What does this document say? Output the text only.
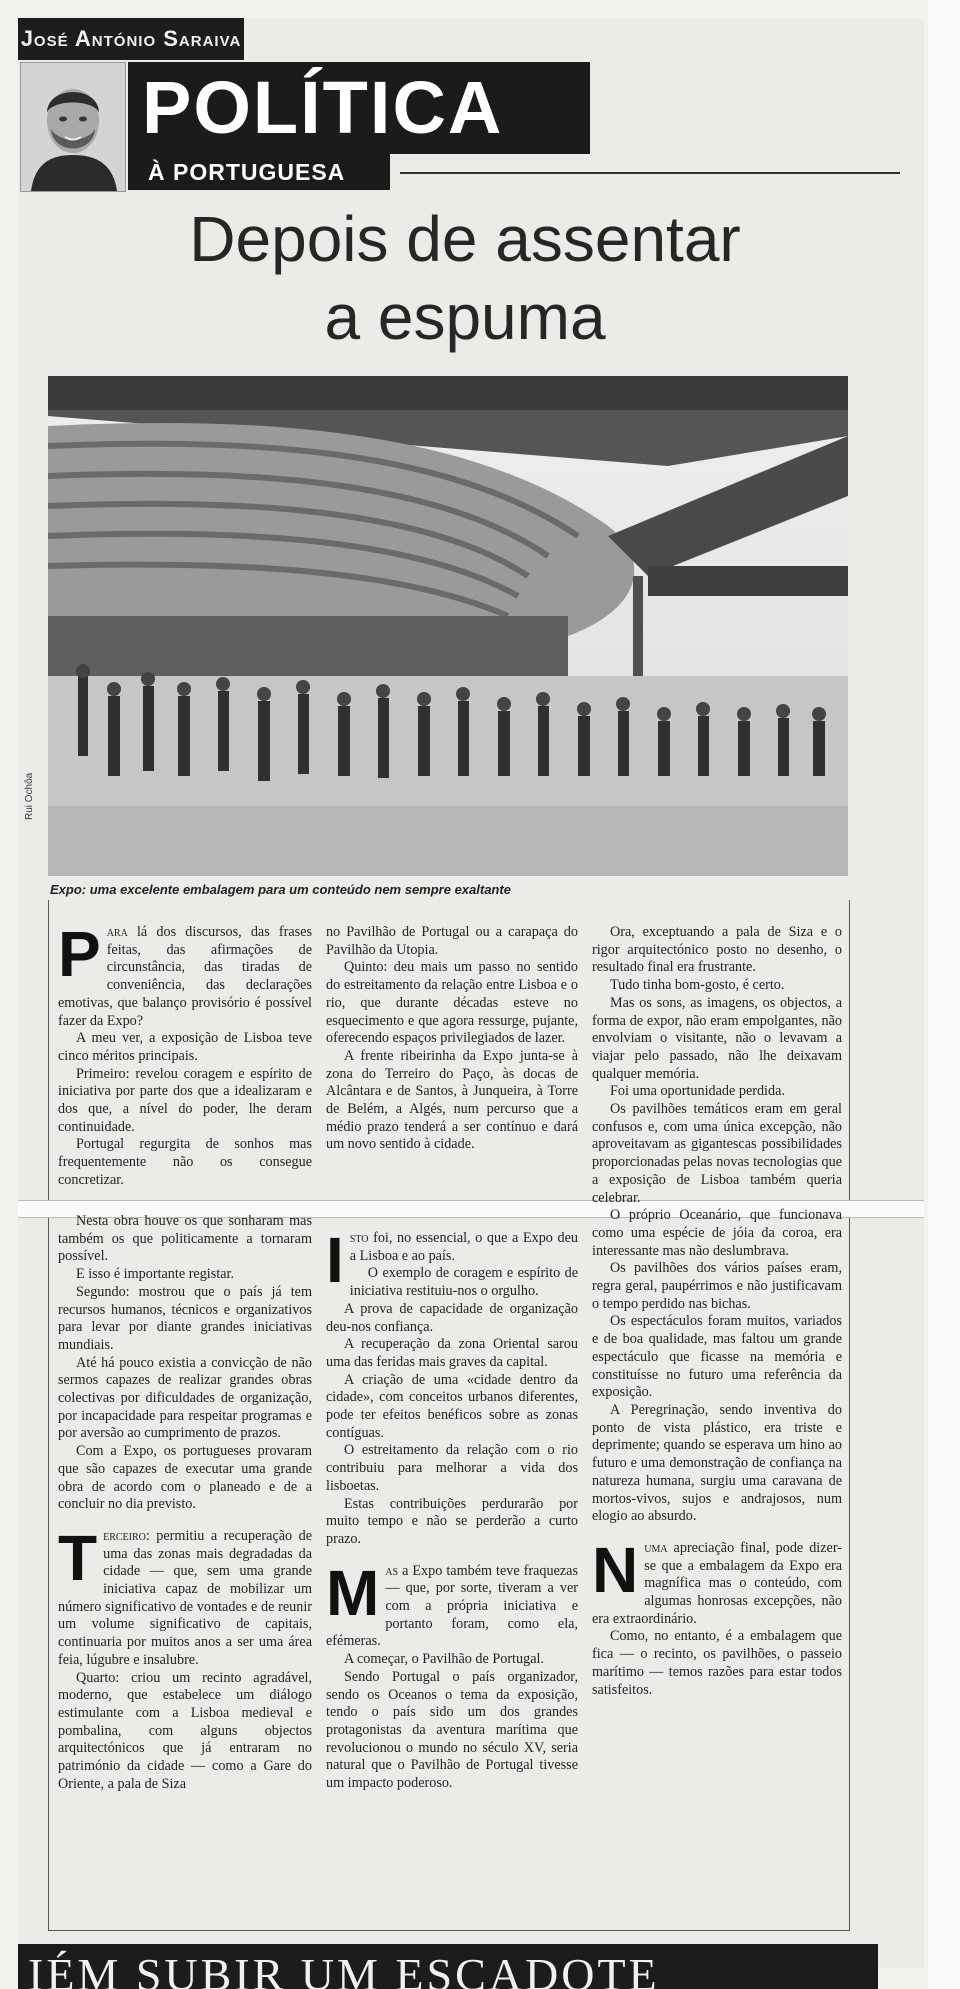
José António Saraiva
POLÍTICA
À PORTUGUESA
Depois de assentar
a espuma
Rui Ochôa
Expo: uma excelente embalagem para um conteúdo nem sempre exaltante

Para lá dos discursos, das frases feitas, das afirmações de circunstância, das tiradas de conveniência, das declarações emotivas, que balanço provisório é possível fazer da Expo?

A meu ver, a exposição de Lisboa teve cinco méritos principais.

Primeiro: revelou coragem e espírito de iniciativa por parte dos que a idealizaram e dos que, a nível do poder, lhe deram continuidade.

Portugal regurgita de sonhos mas frequentemente não os consegue concretizar.

no Pavilhão de Portugal ou a carapaça do Pavilhão da Utopia.

Quinto: deu mais um passo no sentido do estreitamento da relação entre Lisboa e o rio, que durante décadas esteve no esquecimento e que agora ressurge, pujante, oferecendo espaços privilegiados de lazer.

A frente ribeirinha da Expo junta-se à zona do Terreiro do Paço, às docas de Alcântara e de Santos, à Junqueira, à Torre de Belém, a Algés, num percurso que a médio prazo tenderá a ser contínuo e dará um novo sentido à cidade.

Nesta obra houve os que sonharam mas também os que politicamente a tornaram possível.

E isso é importante registar.

Segundo: mostrou que o país já tem recursos humanos, técnicos e organizativos para levar por diante grandes iniciativas mundiais.

Até há pouco existia a convicção de não sermos capazes de realizar grandes obras colectivas por dificuldades de organização, por incapacidade para respeitar programas e por aversão ao cumprimento de prazos.

Com a Expo, os portugueses provaram que são capazes de executar uma grande obra de acordo com o planeado e de a concluir no dia previsto.

Terceiro: permitiu a recuperação de uma das zonas mais degradadas da cidade — que, sem uma grande iniciativa capaz de mobilizar um número significativo de vontades e de reunir um volume significativo de capitais, continuaria por muitos anos a ser uma área feia, lúgubre e insalubre.

Quarto: criou um recinto agradável, moderno, que estabelece um diálogo estimulante com a Lisboa medieval e pombalina, com alguns objectos arquitectónicos que já entraram no património da cidade — como a Gare do Oriente, a pala de Siza

Isto foi, no essencial, o que a Expo deu a Lisboa e ao país.

O exemplo de coragem e espírito de iniciativa restituiu-nos o orgulho.

A prova de capacidade de organização deu-nos confiança.

A recuperação da zona Oriental sarou uma das feridas mais graves da capital.

A criação de uma «cidade dentro da cidade», com conceitos urbanos diferentes, pode ter efeitos benéficos sobre as zonas contíguas.

O estreitamento da relação com o rio contribuiu para melhorar a vida dos lisboetas.

Estas contribuições perdurarão por muito tempo e não se perderão a curto prazo.

Mas a Expo também teve fraquezas — que, por sorte, tiveram a ver com a própria iniciativa e portanto foram, como ela, efémeras.

A começar, o Pavilhão de Portugal.

Sendo Portugal o país organizador, sendo os Oceanos o tema da exposição, tendo o país sido um dos grandes protagonistas da aventura marítima que revolucionou o mundo no século XV, seria natural que o Pavilhão de Portugal tivesse um impacto poderoso.

Ora, exceptuando a pala de Siza e o rigor arquitectónico posto no desenho, o resultado final era frustrante.

Tudo tinha bom-gosto, é certo.

Mas os sons, as imagens, os objectos, a forma de expor, não eram empolgantes, não envolviam o visitante, não o levavam a viajar pelo passado, não lhe deixavam qualquer memória.

Foi uma oportunidade perdida.

Os pavilhões temáticos eram em geral confusos e, com uma única excepção, não aproveitavam as gigantescas possibilidades proporcionadas pelas novas tecnologias que a exposição de Lisboa também queria celebrar.

O próprio Oceanário, que funcionava como uma espécie de jóia da coroa, era interessante mas não deslumbrava.

Os pavilhões dos vários países eram, regra geral, paupérrimos e não justificavam o tempo perdido nas bichas.

Os espectáculos foram muitos, variados e de boa qualidade, mas faltou um grande espectáculo que ficasse na memória e constituísse no futuro uma referência da exposição.

A Peregrinação, sendo inventiva do ponto de vista plástico, era triste e deprimente; quando se esperava um hino ao futuro e uma demonstração de confiança na natureza humana, surgiu uma caravana de mortos-vivos, sujos e andrajosos, num elogio ao absurdo.

Numa apreciação final, pode dizer-se que a embalagem da Expo era magnífica mas o conteúdo, com algumas honrosas excepções, não era extraordinário.

Como, no entanto, é a embalagem que fica — o recinto, os pavilhões, o passeio marítimo — temos razões para estar todos satisfeitos.

IÉM SUBIR UM ESCADOTE
